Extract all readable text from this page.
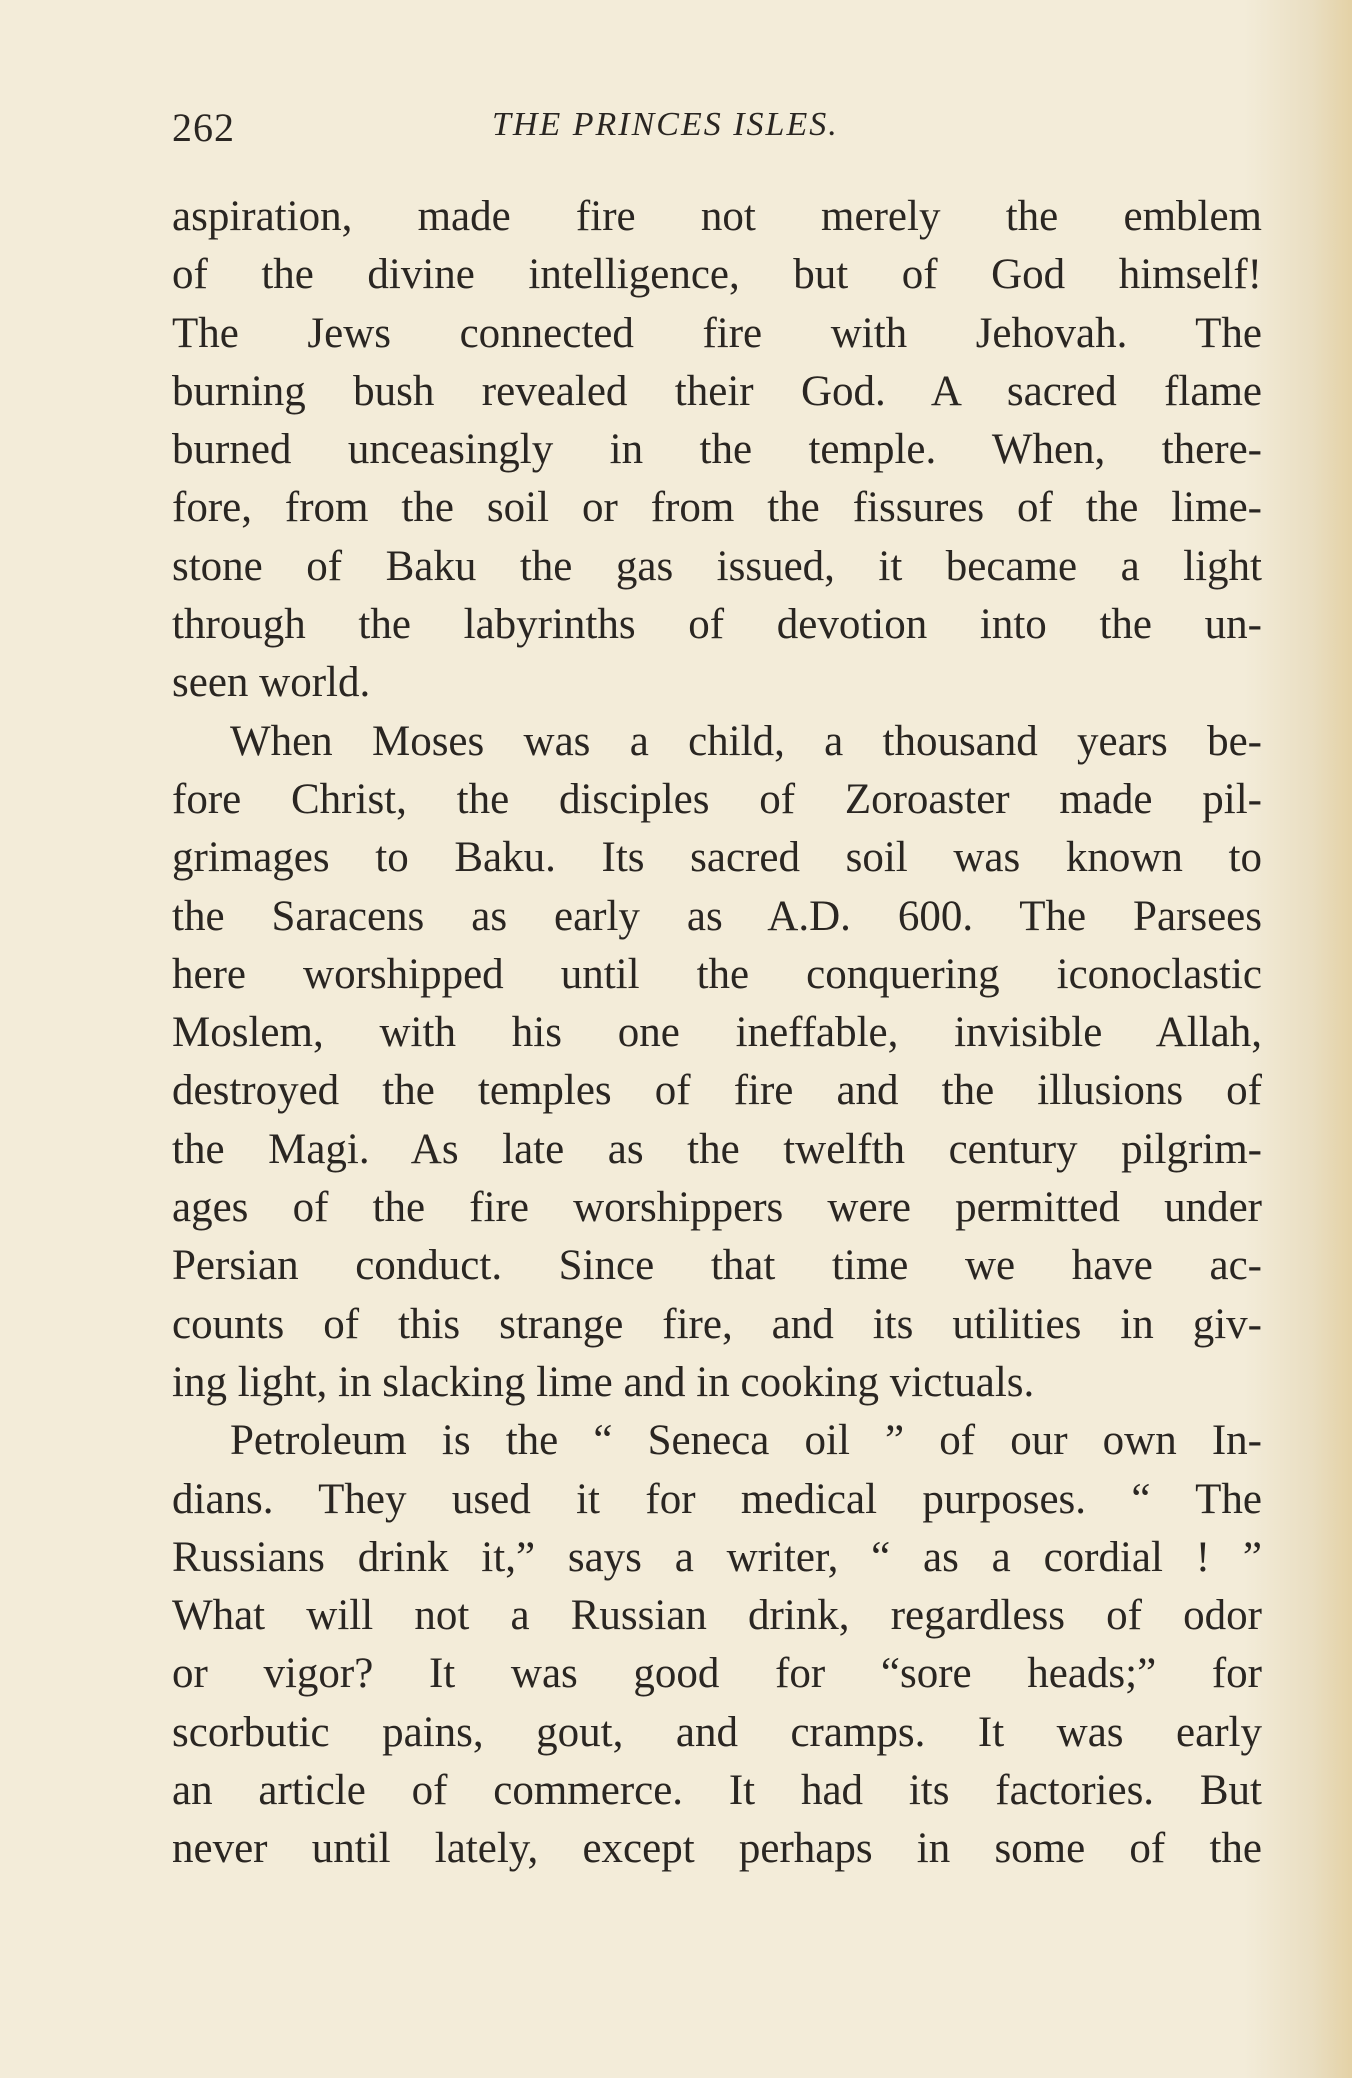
262	THE PRINCES ISLES.
aspiration, made fire not merely the emblem
of the divine intelligence, but of God himself!
The Jews connected fire with Jehovah. The
burning bush revealed their God. A sacred flame
burned unceasingly in the temple. When, there-
fore, from the soil or from the fissures of the lime-
stone of Baku the gas issued, it became a light
through the labyrinths of devotion into the un-
seen world.
When Moses was a child, a thousand years be-
fore Christ, the disciples of Zoroaster made pil-
grimages to Baku. Its sacred soil was known to
the Saracens as early as A.D. 600. The Parsees
here worshipped until the conquering iconoclastic
Moslem, with his one ineffable, invisible Allah,
destroyed the temples of fire and the illusions of
the Magi. As late as the twelfth century pilgrim-
ages of the fire worshippers were permitted under
Persian conduct. Since that time we have ac-
counts of this strange fire, and its utilities in giv-
ing light, in slacking lime and in cooking victuals.
Petroleum is the “ Seneca oil ” of our own In-
dians. They used it for medical purposes. “ The
Russians drink it,” says a writer, “ as a cordial ! ”
What will not a Russian drink, regardless of odor
or vigor? It was good for “sore heads;” for
scorbutic pains, gout, and cramps. It was early
an article of commerce. It had its factories. But
never until lately, except perhaps in some of the
